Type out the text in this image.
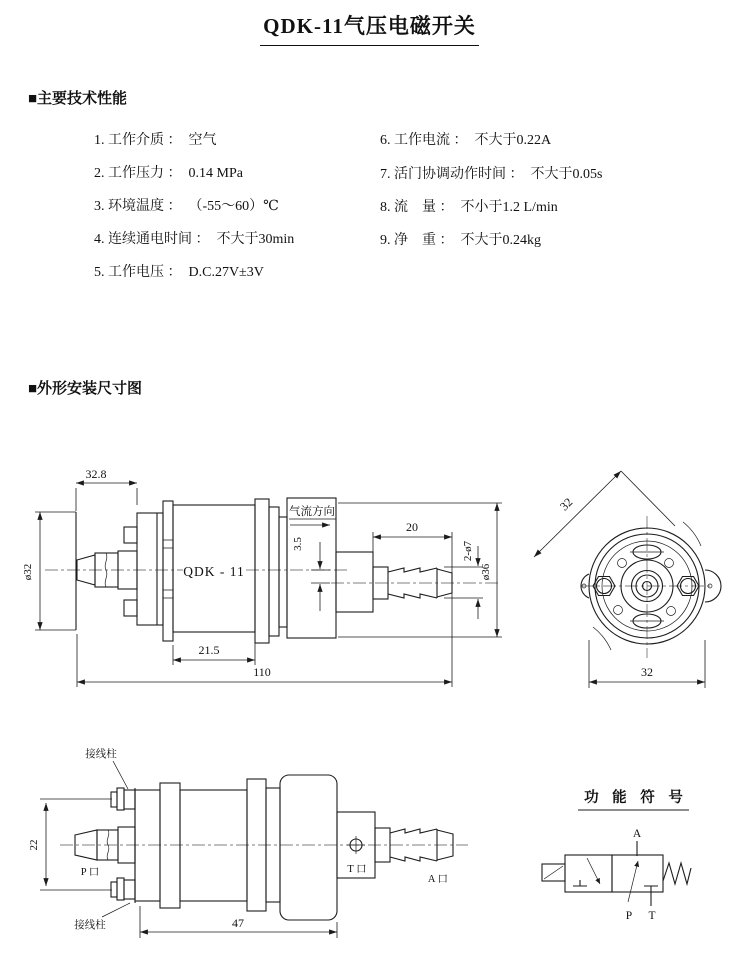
QDK-11气压电磁开关
■主要技术性能
1. 工作介质 ：  空气
2. 工作压力 ：  0.14 MPa
3. 环境温度 ：  （-55～60）℃
4. 连续通电时间 ：  不大于30min
5. 工作电压 ：  D.C.27V±3V
6. 工作电流 ：  不大于0.22A
7. 活门协调动作时间 ：  不大于0.05s
8. 流　量 ：  不小于1.2 L/min
9. 净　重 ：  不大于0.24kg
■外形安装尺寸图
QDK - 11
气流方向
ø32
32.8
3.5
20
2-ø7
ø36
21.5
110
32
32
接线柱
接线柱
22
P 口	T 口
A 口
47
功 能 符 号
A
P T
